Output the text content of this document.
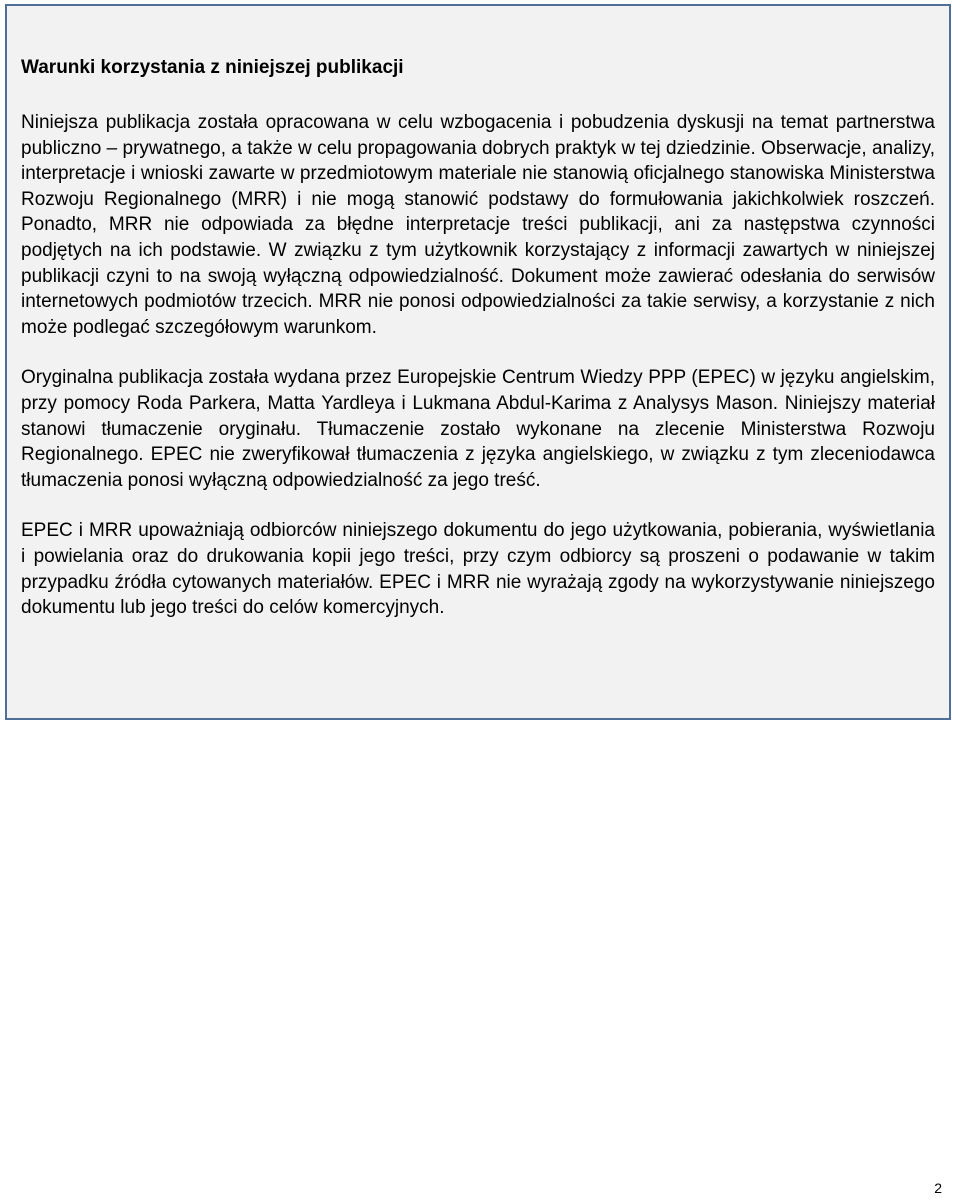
Warunki korzystania z niniejszej publikacji

Niniejsza publikacja została opracowana w celu wzbogacenia i pobudzenia dyskusji na temat partnerstwa publiczno – prywatnego, a także w celu propagowania dobrych praktyk w tej dziedzinie. Obserwacje, analizy, interpretacje i wnioski zawarte w przedmiotowym materiale nie stanowią oficjalnego stanowiska Ministerstwa Rozwoju Regionalnego (MRR) i nie mogą stanowić podstawy do formułowania jakichkolwiek roszczeń. Ponadto, MRR nie odpowiada za błędne interpretacje treści publikacji, ani za następstwa czynności podjętych na ich podstawie. W związku z tym użytkownik korzystający z informacji zawartych w niniejszej publikacji czyni to na swoją wyłączną odpowiedzialność. Dokument może zawierać odesłania do serwisów internetowych podmiotów trzecich. MRR nie ponosi odpowiedzialności za takie serwisy, a korzystanie z nich może podlegać szczegółowym warunkom.

Oryginalna publikacja została wydana przez Europejskie Centrum Wiedzy PPP (EPEC) w języku angielskim, przy pomocy Roda Parkera, Matta Yardleya i Lukmana Abdul-Karima z Analysys Mason. Niniejszy materiał stanowi tłumaczenie oryginału. Tłumaczenie zostało wykonane na zlecenie Ministerstwa Rozwoju Regionalnego. EPEC nie zweryfikował tłumaczenia z języka angielskiego, w związku z tym zleceniodawca tłumaczenia ponosi wyłączną odpowiedzialność za jego treść.

EPEC i MRR upoważniają odbiorców niniejszego dokumentu do jego użytkowania, pobierania, wyświetlania i powielania oraz do drukowania kopii jego treści, przy czym odbiorcy są proszeni o podawanie w takim przypadku źródła cytowanych materiałów. EPEC i MRR nie wyrażają zgody na wykorzystywanie niniejszego dokumentu lub jego treści do celów komercyjnych.

2
